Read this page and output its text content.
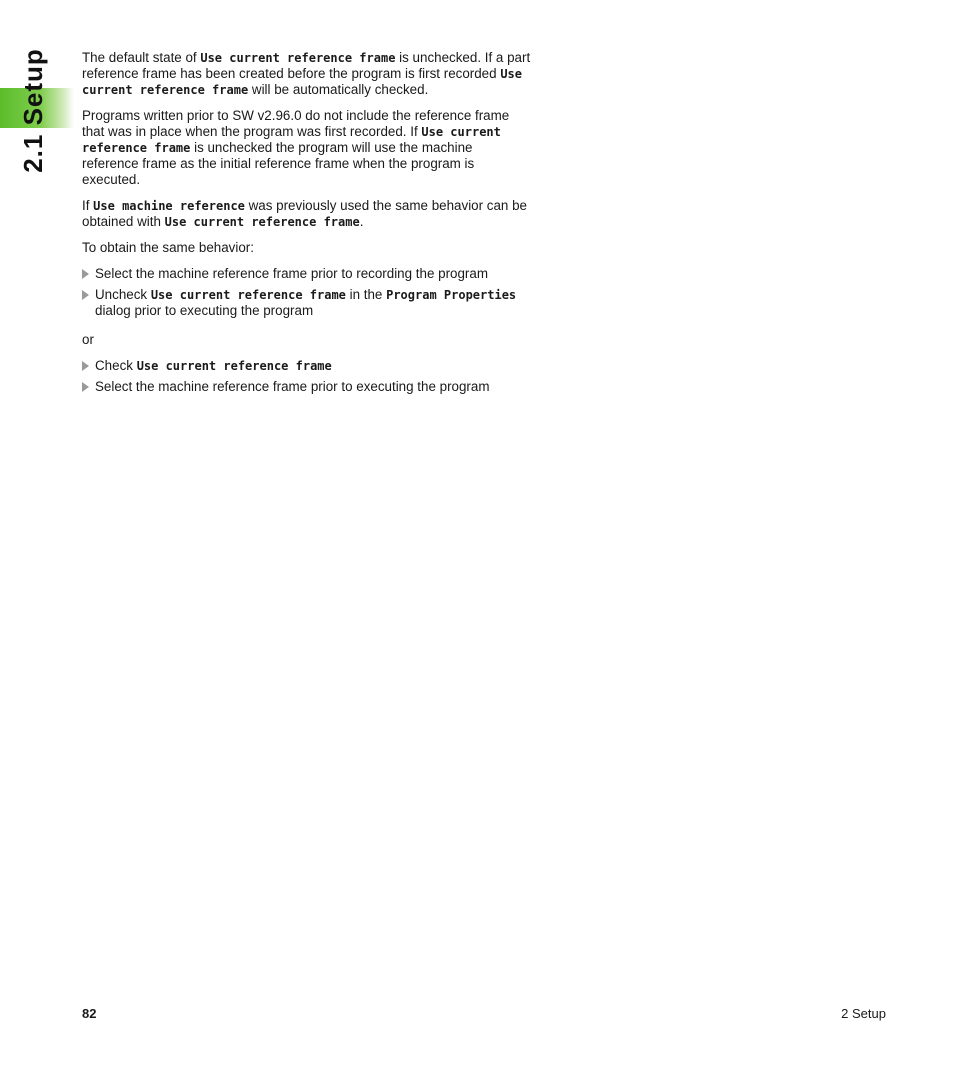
2.1 Setup	The default state of Use current reference frame is unchecked. If a part reference frame has been created before the program is first recorded Use current reference frame will be automatically checked.

Programs written prior to SW v2.96.0 do not include the reference frame that was in place when the program was first recorded. If Use current reference frame is unchecked the program will use the machine reference frame as the initial reference frame when the program is executed.

If Use machine reference was previously used the same behavior can be obtained with Use current reference frame.

To obtain the same behavior:

Select the machine reference frame prior to recording the program
Uncheck Use current reference frame in the Program Properties dialog prior to executing the program

or

Check Use current reference frame
Select the machine reference frame prior to executing the program
82	2 Setup
